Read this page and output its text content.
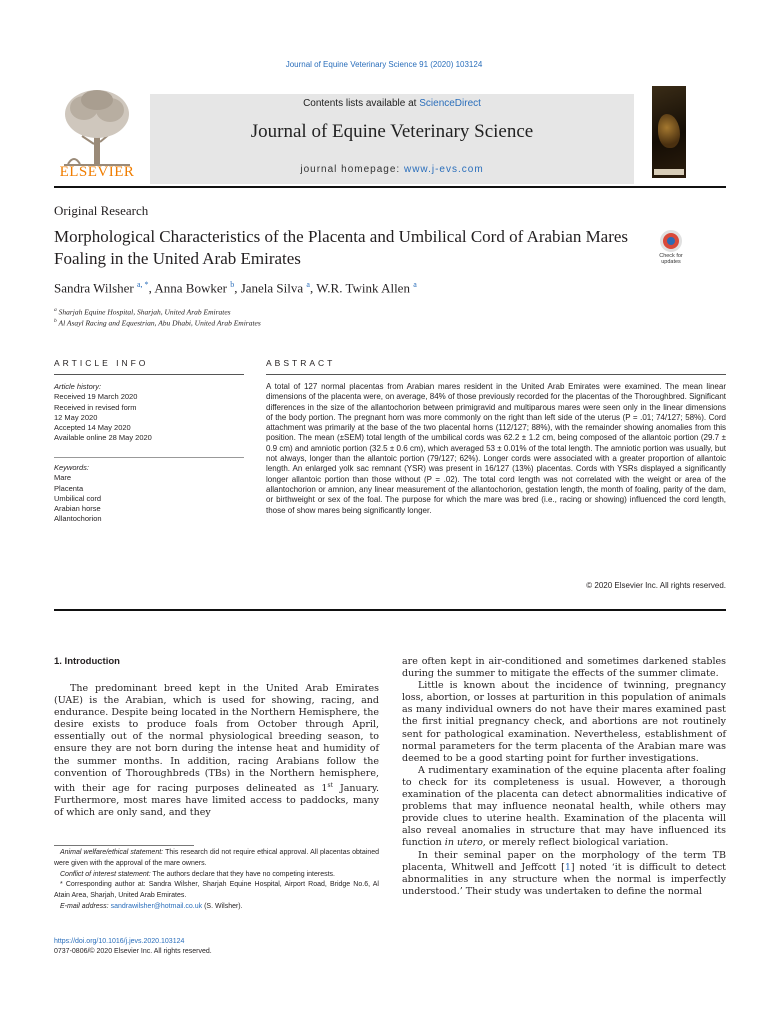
Journal of Equine Veterinary Science 91 (2020) 103124
ELSEVIER
Contents lists available at ScienceDirect
Journal of Equine Veterinary Science
journal homepage: www.j-evs.com
Original Research
Morphological Characteristics of the Placenta and Umbilical Cord of Arabian Mares Foaling in the United Arab Emirates	Check for
updates
Sandra Wilsher $^{a, *}$, Anna Bowker $^b$, Janela Silva $^a$, W.R. Twink Allen $^a$
$^a$ Sharjah Equine Hospital, Sharjah, United Arab Emirates
$^b$ Al Asayl Racing and Equestrian, Abu Dhabi, United Arab Emirates
ARTICLE INFO
Article history:
Received 19 March 2020
Received in revised form
12 May 2020
Accepted 14 May 2020
Available online 28 May 2020
Keywords:
Mare
Placenta
Umbilical cord
Arabian horse
Allantochorion
ABSTRACT
A total of 127 normal placentas from Arabian mares resident in the United Arab Emirates were examined. The mean linear dimensions of the placenta were, on average, 84% of those previously recorded for the placentas of the Thoroughbred. Significant differences in the size of the allantochorion between primigravid and multiparous mares were seen only in the linear dimensions of the body portion. The pregnant horn was more commonly on the right than left side of the uterus (P = .01; 74/127; 58%). Cord attachment was primarily at the base of the two placental horns (112/127; 88%), with the remainder showing anomalies from this position. The mean (±SEM) total length of the umbilical cords was 62.2 ± 1.2 cm, being composed of the allantoic portion (29.7 ± 0.9 cm) and amniotic portion (32.5 ± 0.6 cm), which averaged 53 ± 0.01% of the total length. The amniotic portion was usually, but not always, longer than the allantoic portion (79/127; 62%). Longer cords were associated with a greater proportion of allantoic length. An enlarged yolk sac remnant (YSR) was present in 16/127 (13%) placentas. Cords with YSRs displayed a significantly longer allantoic portion than those without (P = .02). The total cord length was not correlated with the weight or area of the allantochorion or amnion, any linear measurement of the allantochorion, gestation length, the month of foaling, parity of the dam, or birthweight or sex of the foal. The purpose for which the mare was bred (i.e., racing or showing) influenced the cord length, those of show mares being significantly longer.
© 2020 Elsevier Inc. All rights reserved.
1. Introduction

The predominant breed kept in the United Arab Emirates (UAE) is the Arabian, which is used for showing, racing, and endurance. Despite being located in the Northern Hemisphere, the desire exists to produce foals from October through April, essentially out of the normal physiological breeding season, to ensure they are not born during the intense heat and humidity of the summer months. In addition, racing Arabians follow the convention of Thoroughbreds (TBs) in the Northern hemisphere, with their age for racing purposes delineated as 1st January. Furthermore, most mares have limited access to paddocks, many of which are only sand, and they

are often kept in air-conditioned and sometimes darkened stables during the summer to mitigate the effects of the summer climate.

Little is known about the incidence of twinning, pregnancy loss, abortion, or losses at parturition in this population of animals as many individual owners do not have their mares examined past the first initial pregnancy check, and abortions are not routinely sent for pathological examination. Nevertheless, establishment of normal parameters for the term placenta of the Arabian mare was deemed to be a good starting point for further investigations.

A rudimentary examination of the equine placenta after foaling to check for its completeness is usual. However, a thorough examination of the placenta can detect abnormalities indicative of problems that may influence neonatal health, while others may provide clues to uterine health. Examination of the placenta will also reveal anomalies in structure that may have influenced its function in utero, or merely reflect biological variation.

In their seminal paper on the morphology of the term TB placenta, Whitwell and Jeffcott [1] noted ‘it is difficult to detect abnormalities in any structure when the normal is imperfectly understood.’ Their study was undertaken to define the normal

Animal welfare/ethical statement: This research did not require ethical approval. All placentas obtained were given with the approval of the mare owners.

Conflict of interest statement: The authors declare that they have no competing interests.

* Corresponding author at: Sandra Wilsher, Sharjah Equine Hospital, Airport Road, Bridge No.6, Al Atain Area, Sharjah, United Arab Emirates.

E-mail address: sandrawilsher@hotmail.co.uk (S. Wilsher).

https://doi.org/10.1016/j.jevs.2020.103124
0737-0806/© 2020 Elsevier Inc. All rights reserved.
